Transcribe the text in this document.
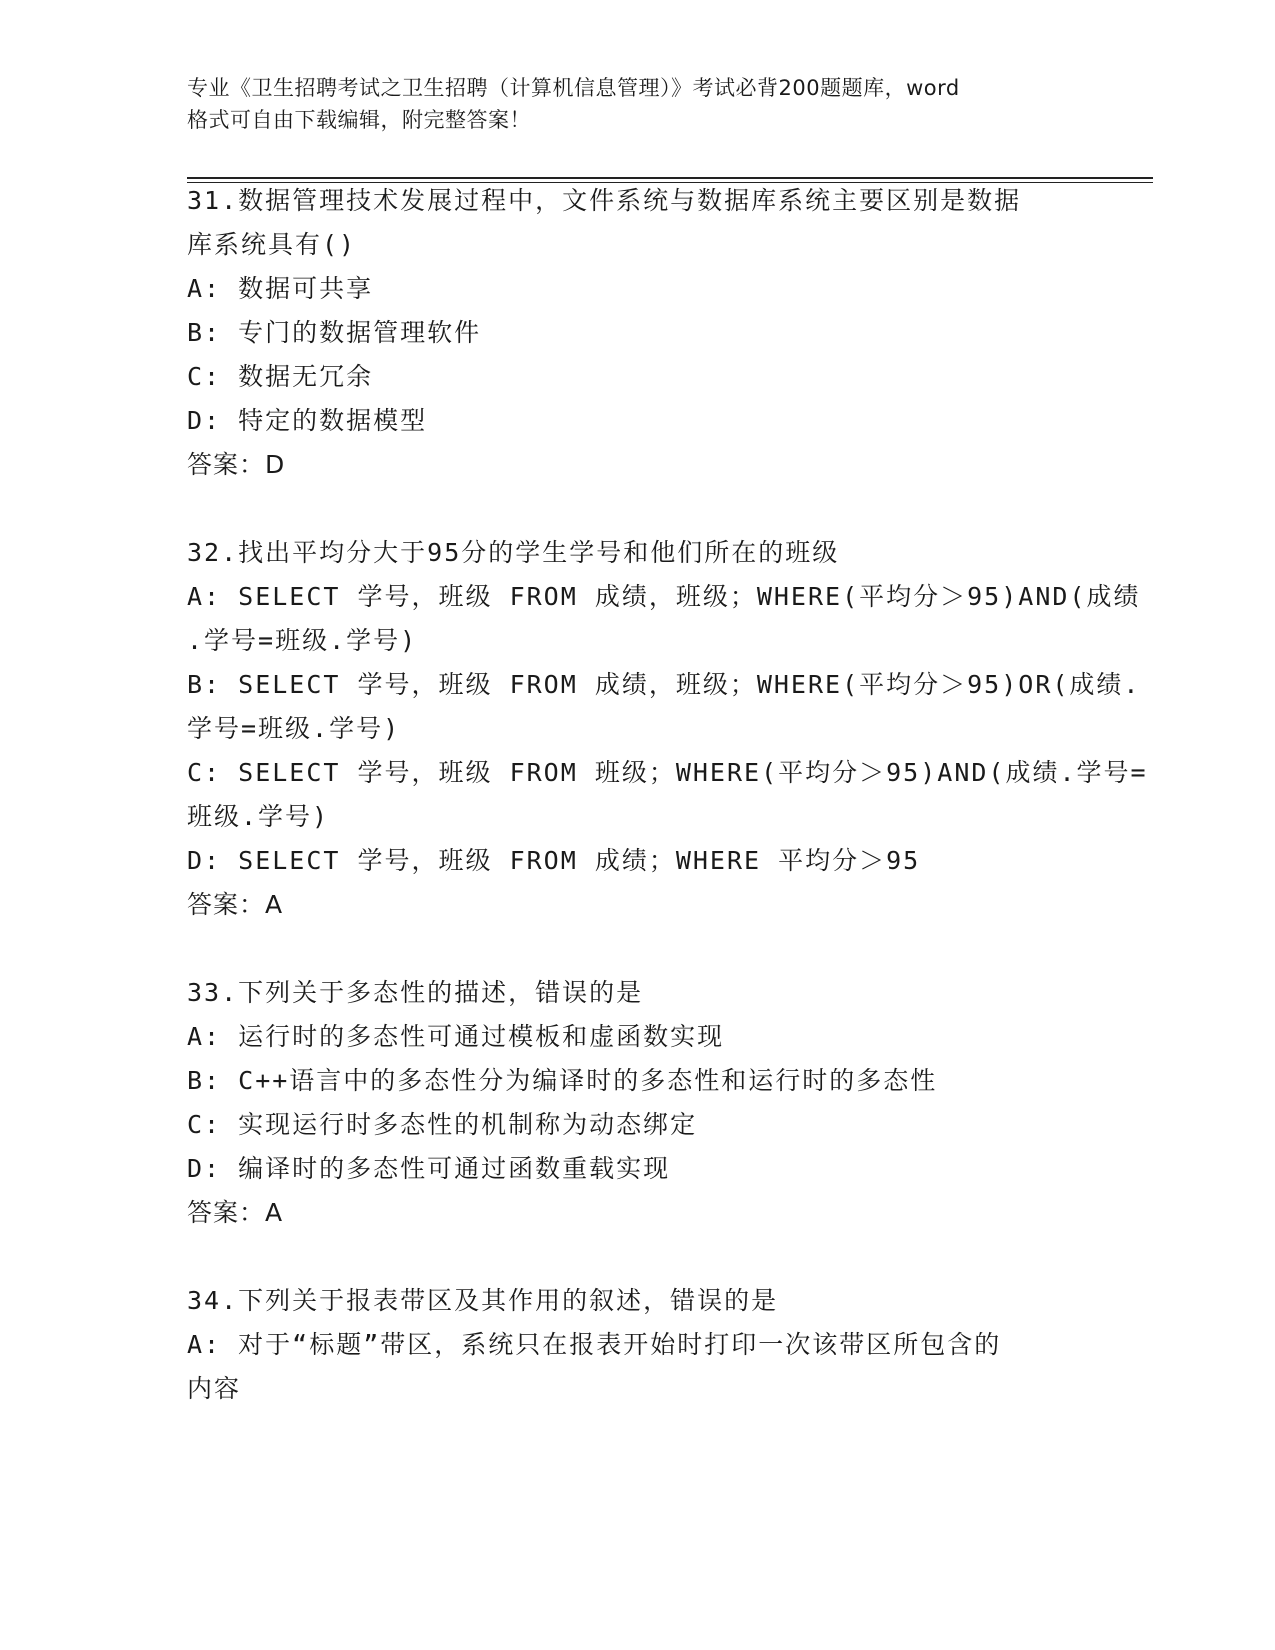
专业《卫生招聘考试之卫生招聘（计算机信息管理）》考试必背200题题库，word
格式可自由下载编辑，附完整答案！
31.数据管理技术发展过程中，文件系统与数据库系统主要区别是数据
库系统具有()
A: 数据可共享
B: 专门的数据管理软件
C: 数据无冗余
D: 特定的数据模型
答案：D
32.找出平均分大于95分的学生学号和他们所在的班级
A: SELECT 学号，班级 FROM 成绩，班级；WHERE(平均分＞95)AND(成绩
.学号=班级.学号)
B: SELECT 学号，班级 FROM 成绩，班级；WHERE(平均分＞95)OR(成绩.
学号=班级.学号)
C: SELECT 学号，班级 FROM 班级；WHERE(平均分＞95)AND(成绩.学号=
班级.学号)
D: SELECT 学号，班级 FROM 成绩；WHERE 平均分＞95
答案：A
33.下列关于多态性的描述，错误的是
A: 运行时的多态性可通过模板和虚函数实现
B: C++语言中的多态性分为编译时的多态性和运行时的多态性
C: 实现运行时多态性的机制称为动态绑定
D: 编译时的多态性可通过函数重载实现
答案：A
34.下列关于报表带区及其作用的叙述，错误的是
A: 对于“标题”带区，系统只在报表开始时打印一次该带区所包含的
内容
